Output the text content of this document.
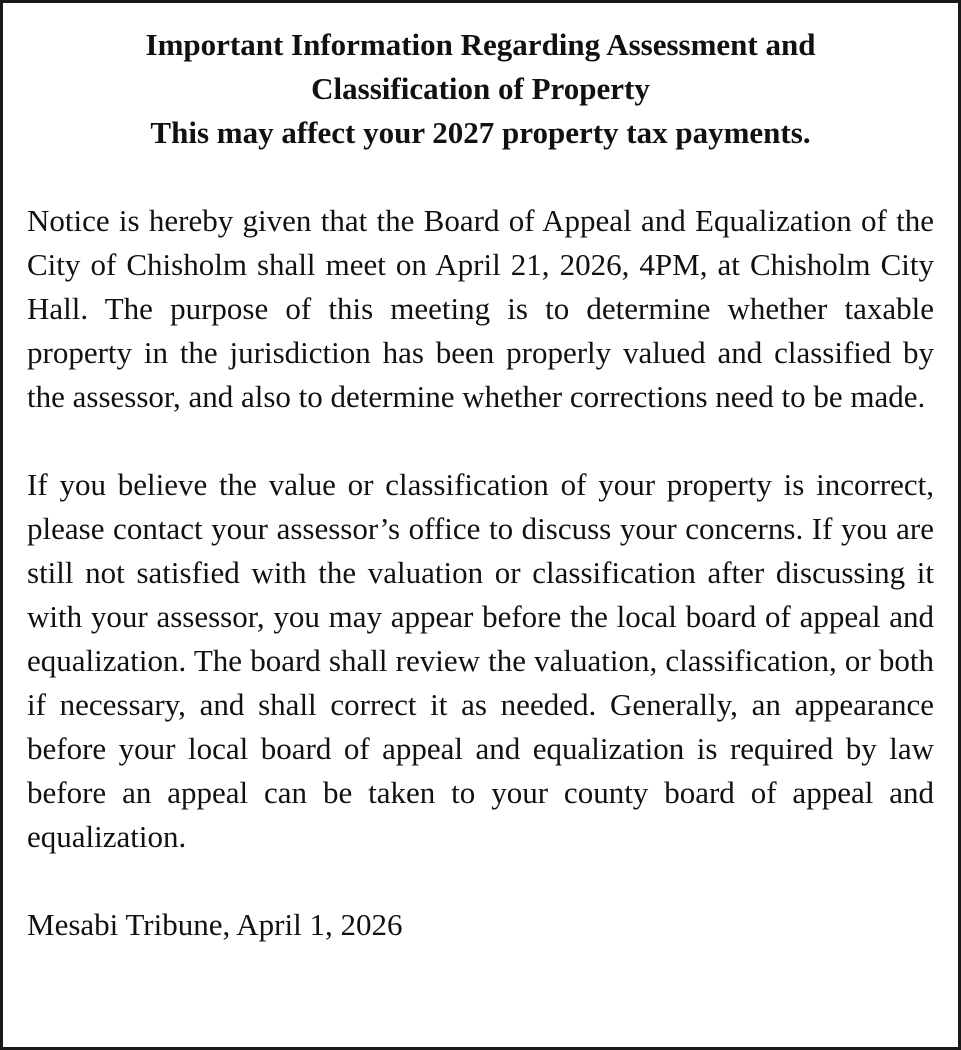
Important Information Regarding Assessment and
Classification of Property
This may affect your 2027 property tax payments.

Notice is hereby given that the Board of Appeal and Equalization of the City of Chisholm shall meet on April 21, 2026, 4PM, at Chisholm City Hall. The purpose of this meeting is to determine whether taxable property in the jurisdiction has been properly valued and classified by the assessor, and also to determine whether corrections need to be made.

If you believe the value or classification of your property is incorrect, please contact your assessor’s office to discuss your concerns. If you are still not satisfied with the valuation or classification after discussing it with your assessor, you may appear before the local board of appeal and equalization. The board shall review the valuation, classification, or both if necessary, and shall correct it as needed. Generally, an appearance before your local board of appeal and equalization is required by law before an appeal can be taken to your county board of appeal and equalization.

Mesabi Tribune, April 1, 2026
